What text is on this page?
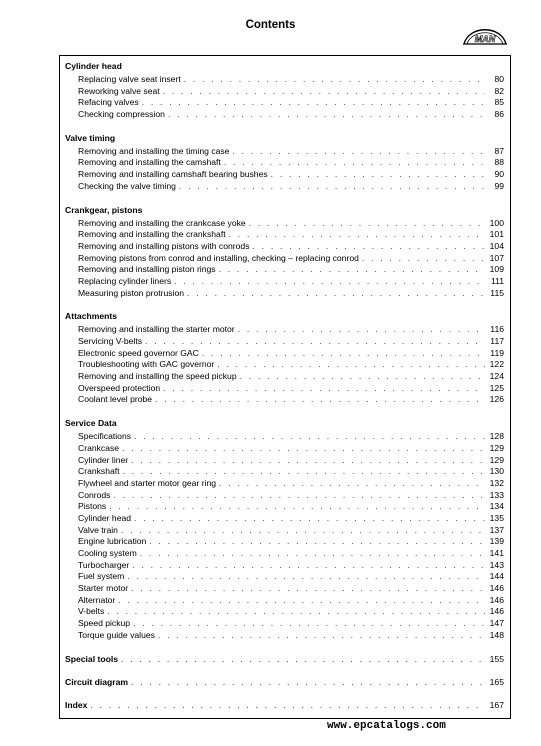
Contents
MAN
Cylinder head
Replacing valve seat insert . . .	80
Reworking valve seat . . .	82
Refacing valves . . .	85
Checking compression . . .	86
Valve timing
Removing and installing the timing case . . .	87
Removing and installing the camshaft . . .	88
Removing and installing camshaft bearing bushes . . .	90
Checking the valve timing . . .	99
Crankgear, pistons
Removing and installing the crankcase yoke . . .	100
Removing and installing the crankshaft . . .	101
Removing and installing pistons with conrods . . .	104
Removing pistons from conrod and installing, checking – replacing conrod . . .	107
Removing and installing piston rings . . .	109
Replacing cylinder liners . . .	111
Measuring piston protrusion . . .	115
Attachments
Removing and installing the starter motor . . .	116
Servicing V-belts . . .	117
Electronic speed governor GAC . . .	119
Troubleshooting with GAC governor . . .	122
Removing and installing the speed pickup . . .	124
Overspeed protection . . .	125
Coolant level probe . . .	126
Service Data
Specifications . . .	128
Crankcase . . .	129
Cylinder liner . . .	129
Crankshaft . . .	130
Flywheel and starter motor gear ring . . .	132
Conrods . . .	133
Pistons . . .	134
Cylinder head . . .	135
Valve train . . .	137
Engine lubrication . . .	139
Cooling system . . .	141
Turbocharger . . .	143
Fuel system . . .	144
Starter motor . . .	146
Alternator . . .	146
V-belts . . .	146
Speed pickup . . .	147
Torque guide values . . .	148
Special tools . . .	155
Circuit diagram . . .	165
Index . . .	167
www.epcatalogs.com
